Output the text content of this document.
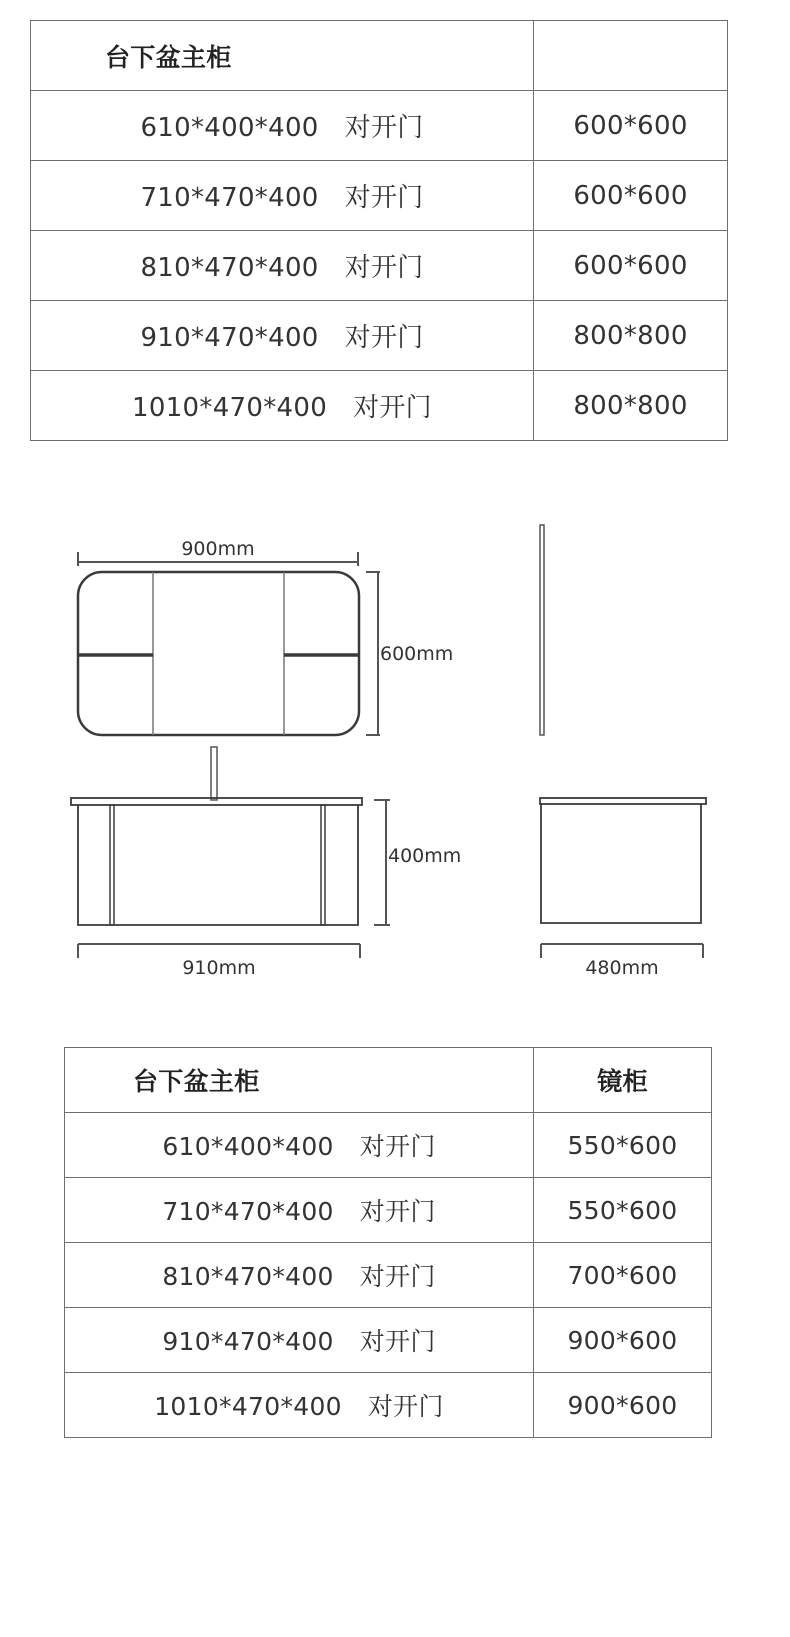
台下盆主柜	
610*400*400 对开门	600*600
710*470*400 对开门	600*600
810*470*400 对开门	600*600
910*470*400 对开门	800*800
1010*470*400 对开门	800*800
900mm
600mm
400mm
910mm	480mm
台下盆主柜	镜柜
610*400*400 对开门	550*600
710*470*400 对开门	550*600
810*470*400 对开门	700*600
910*470*400 对开门	900*600
1010*470*400 对开门	900*600
